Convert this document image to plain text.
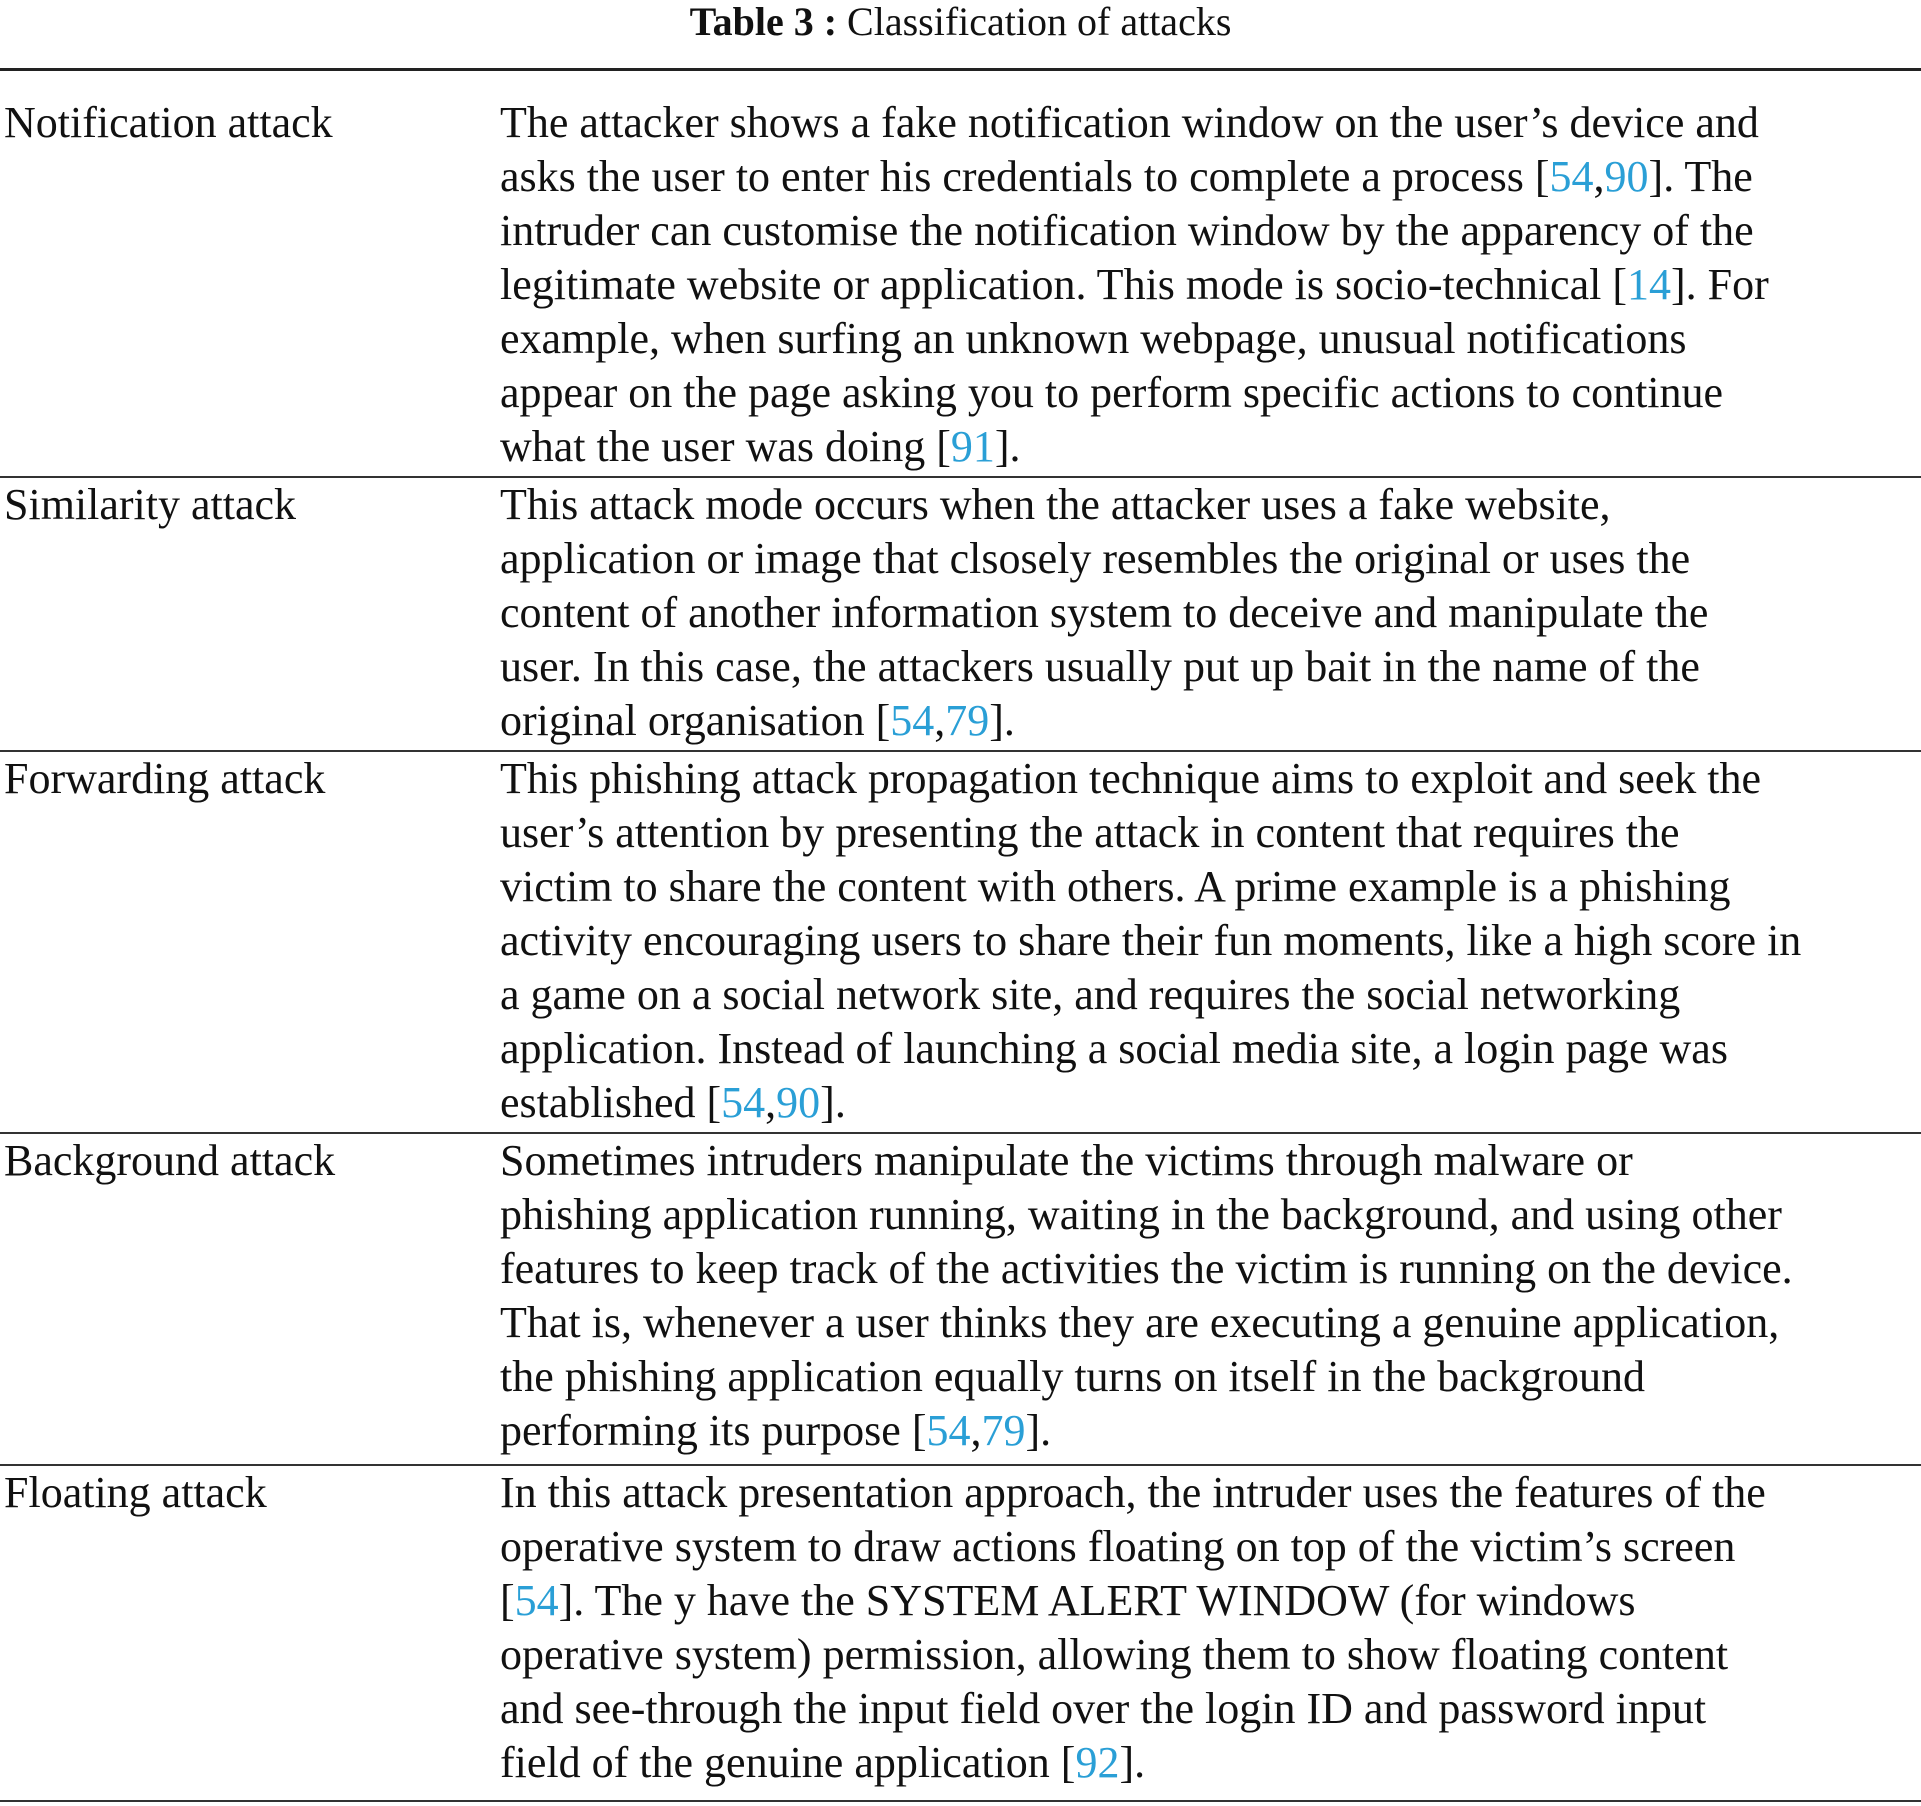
Table 3 : Classification of attacks
Notification attack	The attacker shows a fake notification window on the user’s device and
asks the user to enter his credentials to complete a process [54,90]. The
intruder can customise the notification window by the apparency of the
legitimate website or application. This mode is socio-technical [14]. For
example, when surfing an unknown webpage, unusual notifications
appear on the page asking you to perform specific actions to continue
what the user was doing [91].
Similarity attack	This attack mode occurs when the attacker uses a fake website,
application or image that clsosely resembles the original or uses the
content of another information system to deceive and manipulate the
user. In this case, the attackers usually put up bait in the name of the
original organisation [54,79].
Forwarding attack	This phishing attack propagation technique aims to exploit and seek the
user’s attention by presenting the attack in content that requires the
victim to share the content with others. A prime example is a phishing
activity encouraging users to share their fun moments, like a high score in
a game on a social network site, and requires the social networking
application. Instead of launching a social media site, a login page was
established [54,90].
Background attack	Sometimes intruders manipulate the victims through malware or
phishing application running, waiting in the background, and using other
features to keep track of the activities the victim is running on the device.
That is, whenever a user thinks they are executing a genuine application,
the phishing application equally turns on itself in the background
performing its purpose [54,79].
Floating attack	In this attack presentation approach, the intruder uses the features of the
operative system to draw actions floating on top of the victim’s screen
[54]. The y have the SYSTEM ALERT WINDOW (for windows
operative system) permission, allowing them to show floating content
and see-through the input field over the login ID and password input
field of the genuine application [92].
